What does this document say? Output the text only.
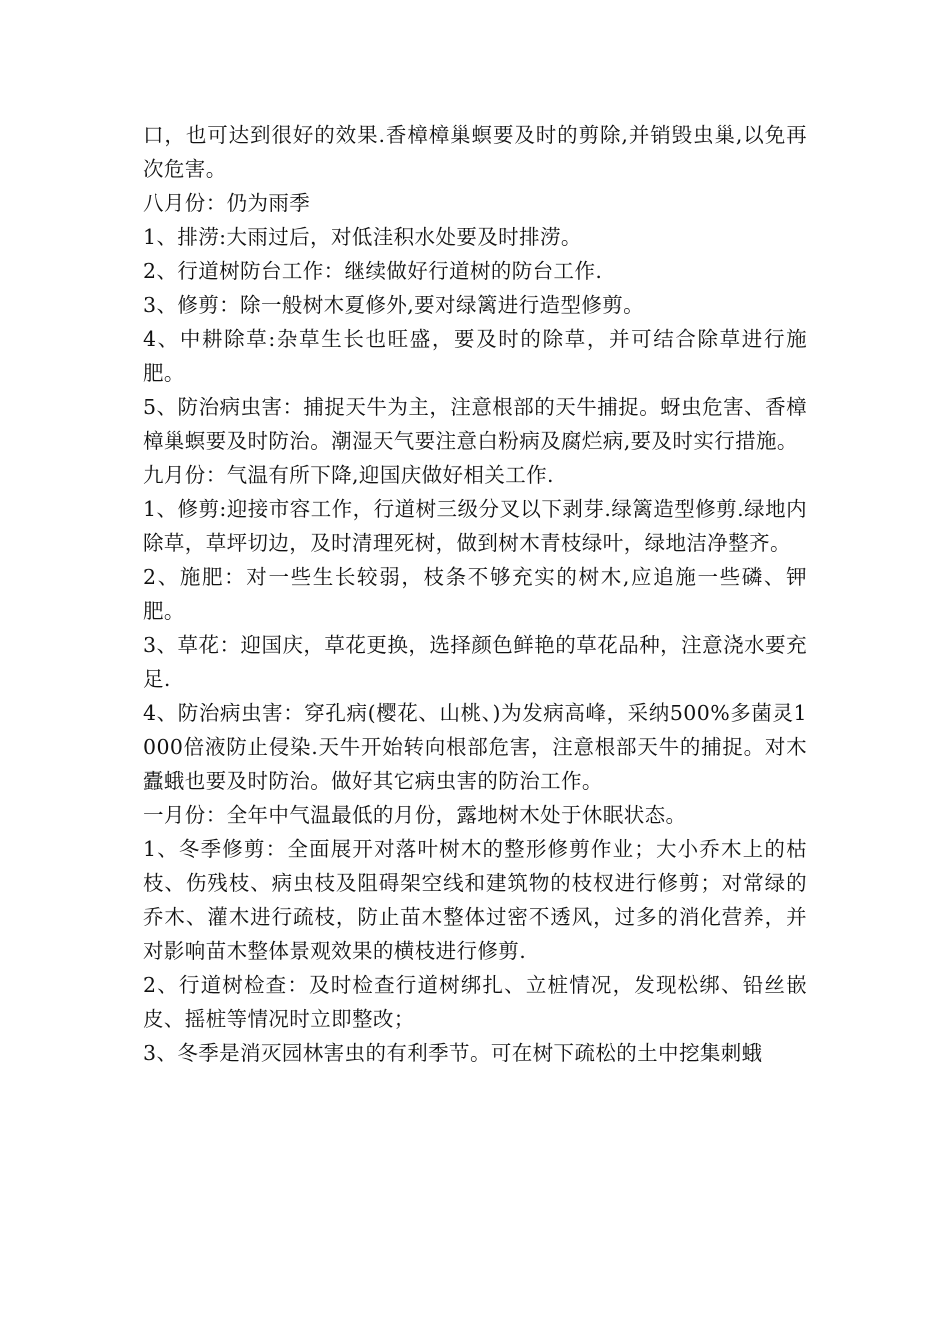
口，也可达到很好的效果.香樟樟巢螟要及时的剪除,并销毁虫巢,以免再次危害。

八月份：仍为雨季

1、排涝:大雨过后，对低洼积水处要及时排涝。

2、行道树防台工作：继续做好行道树的防台工作.

3、修剪：除一般树木夏修外,要对绿篱进行造型修剪。

4、中耕除草:杂草生长也旺盛，要及时的除草，并可结合除草进行施肥。

5、防治病虫害：捕捉天牛为主，注意根部的天牛捕捉。蚜虫危害、香樟樟巢螟要及时防治。潮湿天气要注意白粉病及腐烂病,要及时实行措施。

九月份：气温有所下降,迎国庆做好相关工作.

1、修剪:迎接市容工作，行道树三级分叉以下剥芽.绿篱造型修剪.绿地内除草，草坪切边，及时清理死树，做到树木青枝绿叶，绿地洁净整齐。

2、施肥：对一些生长较弱，枝条不够充实的树木,应追施一些磷、钾肥。

3、草花：迎国庆，草花更换，选择颜色鲜艳的草花品种，注意浇水要充足.

4、防治病虫害：穿孔病(樱花、山桃、)为发病高峰，采纳500%多菌灵1000倍液防止侵染.天牛开始转向根部危害，注意根部天牛的捕捉。对木蠹蛾也要及时防治。做好其它病虫害的防治工作。

一月份：全年中气温最低的月份，露地树木处于休眠状态。

1、冬季修剪：全面展开对落叶树木的整形修剪作业；大小乔木上的枯枝、伤残枝、病虫枝及阻碍架空线和建筑物的枝杈进行修剪；对常绿的乔木、灌木进行疏枝，防止苗木整体过密不透风，过多的消化营养，并对影响苗木整体景观效果的横枝进行修剪.

2、行道树检查：及时检查行道树绑扎、立桩情况，发现松绑、铅丝嵌皮、摇桩等情况时立即整改；

3、冬季是消灭园林害虫的有利季节。可在树下疏松的土中挖集刺蛾
